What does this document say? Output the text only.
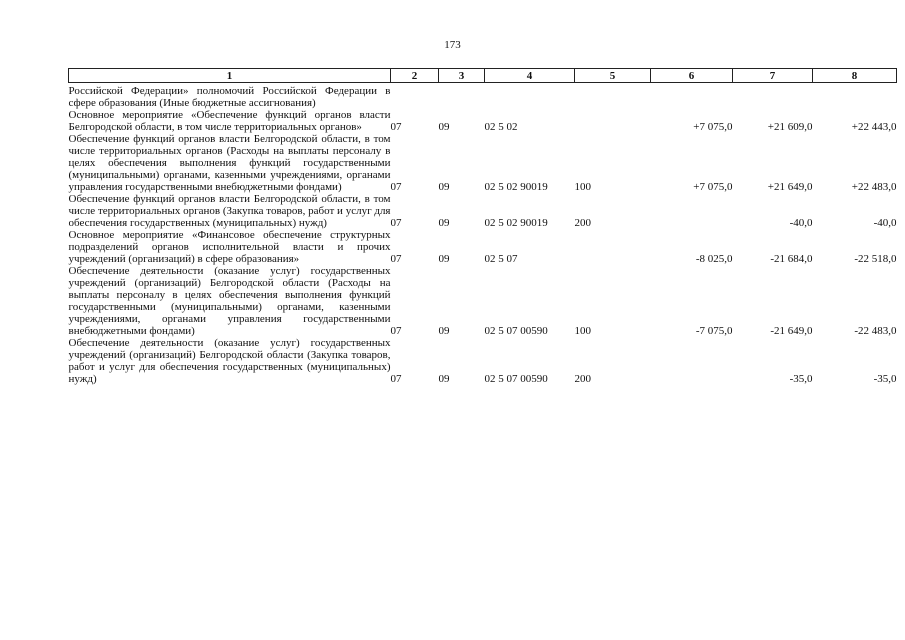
173
1	2	3	4	5	6	7	8
Российской Федерации» полномочий Российской Федерации в сфере образования (Иные бюджетные ассигнования)							
Основное мероприятие «Обеспечение функций органов власти Белгородской области, в том числе территориальных органов»	07	09	02 5 02		+7 075,0	+21 609,0	+22 443,0
Обеспечение функций органов власти Белгородской области, в том числе территориальных органов (Расходы на выплаты персоналу в целях обеспечения выполнения функций государственными (муниципальными) органами, казенными учреждениями, органами управления государственными внебюджетными фондами)	07	09	02 5 02 90019	100	+7 075,0	+21 649,0	+22 483,0
Обеспечение функций органов власти Белгородской области, в том числе территориальных органов (Закупка товаров, работ и услуг для обеспечения государственных (муниципальных) нужд)	07	09	02 5 02 90019	200		-40,0	-40,0
Основное мероприятие «Финансовое обеспечение структурных подразделений органов исполнительной власти и прочих учреждений (организаций) в сфере образования»	07	09	02 5 07		-8 025,0	-21 684,0	-22 518,0
Обеспечение деятельности (оказание услуг) государственных учреждений (организаций) Белгородской области (Расходы на выплаты персоналу в целях обеспечения выполнения функций государственными (муниципальными) органами, казенными учреждениями, органами управления государственными внебюджетными фондами)	07	09	02 5 07 00590	100	-7 075,0	-21 649,0	-22 483,0
Обеспечение деятельности (оказание услуг) государственных учреждений (организаций) Белгородской области (Закупка товаров, работ и услуг для обеспечения государственных (муниципальных) нужд)	07	09	02 5 07 00590	200		-35,0	-35,0
